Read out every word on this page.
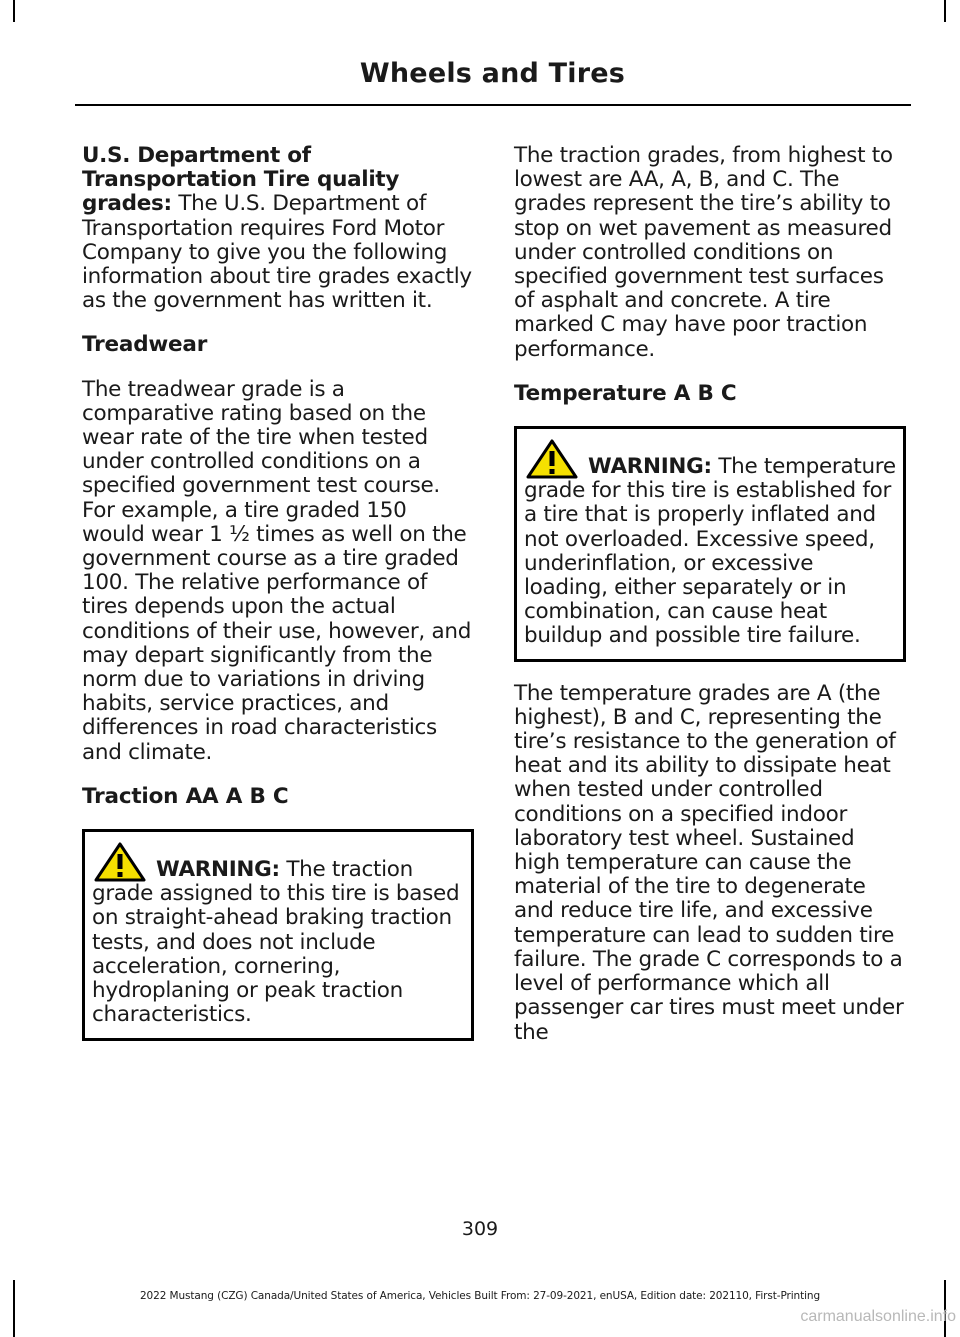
Wheels and Tires

U.S. Department of Transportation Tire quality grades: The U.S. Department of Transportation requires Ford Motor Company to give you the following information about tire grades exactly as the government has written it.

Treadwear

The treadwear grade is a comparative rating based on the wear rate of the tire when tested under controlled conditions on a specified government test course. For example, a tire graded 150 would wear 1 ½ times as well on the government course as a tire graded 100. The relative performance of tires depends upon the actual conditions of their use, however, and may depart significantly from the norm due to variations in driving habits, service practices, and differences in road characteristics and climate.

Traction AA A B C
WARNING: The traction grade assigned to this tire is based on straight-ahead braking traction tests, and does not include acceleration, cornering, hydroplaning or peak traction characteristics.

The traction grades, from highest to lowest are AA, A, B, and C. The grades represent the tire’s ability to stop on wet pavement as measured under controlled conditions on specified government test surfaces of asphalt and concrete. A tire marked C may have poor traction performance.

Temperature A B C
WARNING: The temperature grade for this tire is established for a tire that is properly inflated and not overloaded. Excessive speed, underinflation, or excessive loading, either separately or in combination, can cause heat buildup and possible tire failure.

The temperature grades are A (the highest), B and C, representing the tire’s resistance to the generation of heat and its ability to dissipate heat when tested under controlled conditions on a specified indoor laboratory test wheel. Sustained high temperature can cause the material of the tire to degenerate and reduce tire life, and excessive temperature can lead to sudden tire failure. The grade C corresponds to a level of performance which all passenger car tires must meet under the

309
2022 Mustang (CZG) Canada/United States of America, Vehicles Built From: 27-09-2021, enUSA, Edition date: 202110, First-Printing
carmanualsonline.info
